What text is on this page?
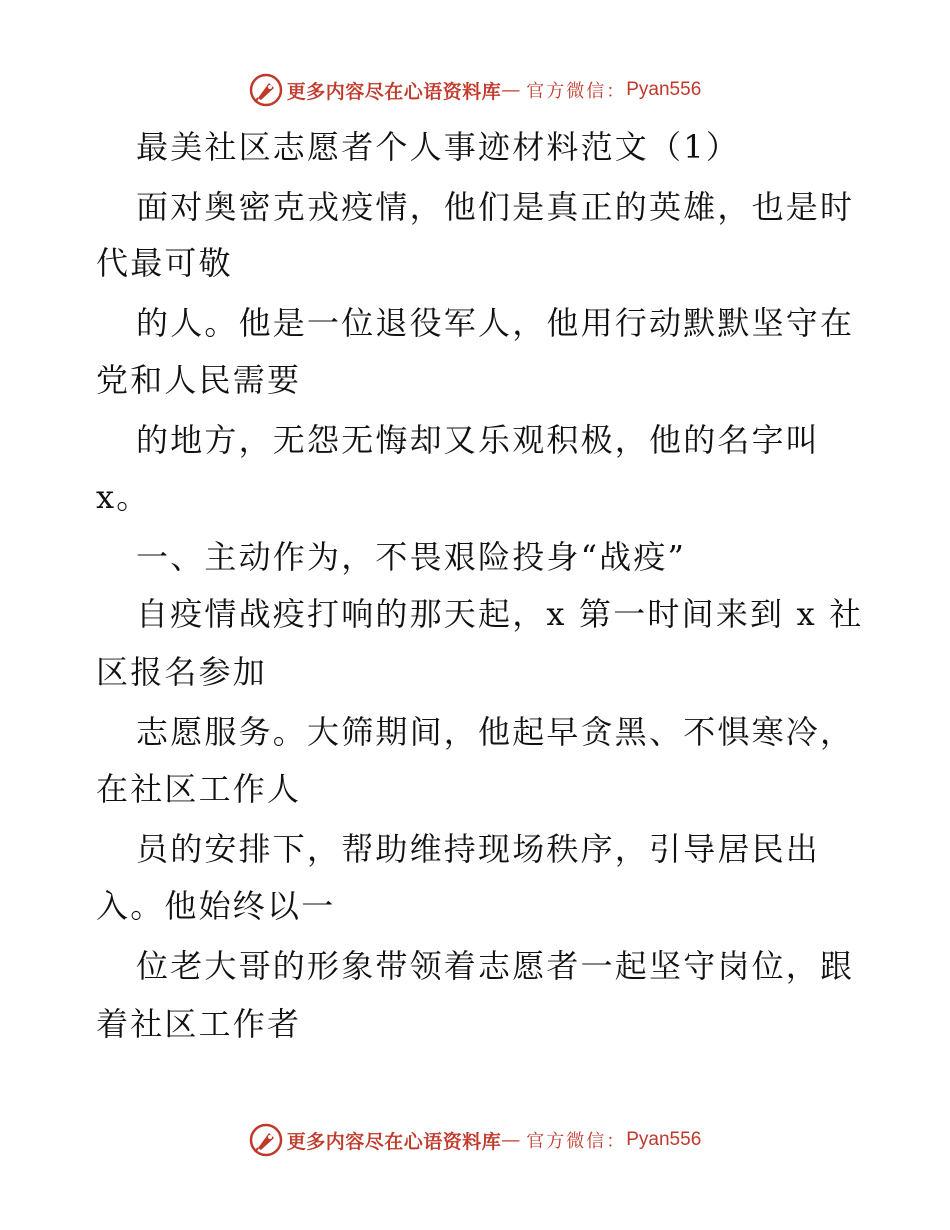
更多内容尽在心语资料库 — 官方微信： Pyan556

最美社区志愿者个人事迹材料范文（1）

面对奥密克戎疫情，他们是真正的英雄，也是时

代最可敬

的人。他是一位退役军人，他用行动默默坚守在

党和人民需要

的地方，无怨无悔却又乐观积极，他的名字叫

x。

一、主动作为，不畏艰险投身“战疫”

自疫情战疫打响的那天起，x 第一时间来到 x 社

区报名参加

志愿服务。大筛期间，他起早贪黑、不惧寒冷，

在社区工作人

员的安排下，帮助维持现场秩序，引导居民出

入。他始终以一

位老大哥的形象带领着志愿者一起坚守岗位，跟

着社区工作者

更多内容尽在心语资料库 — 官方微信： Pyan556
